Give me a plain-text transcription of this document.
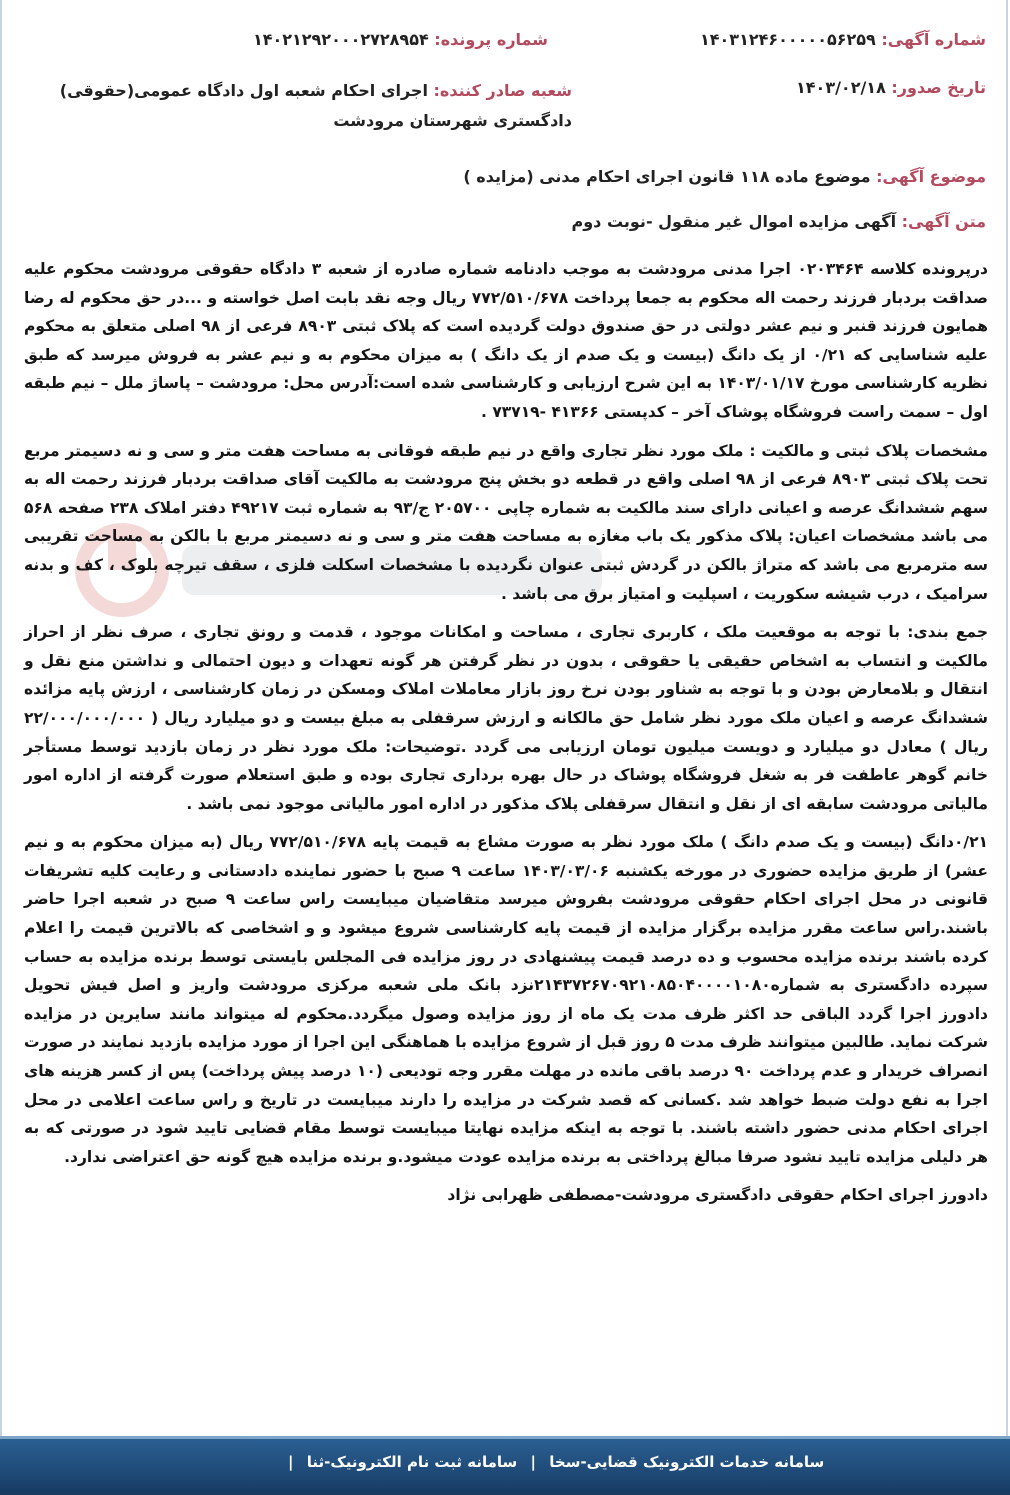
شماره آگهی: ۱۴۰۳۱۲۴۶۰۰۰۰۰۵۶۲۵۹
شماره پرونده: ۱۴۰۲۱۲۹۲۰۰۰۲۷۲۸۹۵۴
تاریخ صدور: ۱۴۰۳/۰۲/۱۸
شعبه صادر کننده: اجرای احکام شعبه اول دادگاه عمومی(حقوقی) دادگستری شهرستان مرودشت
موضوع آگهی: موضوع ماده ۱۱۸ قانون اجرای احکام مدنی (مزایده )
متن آگهی: آگهی مزایده اموال غیر منقول -نوبت دوم

درپرونده کلاسه ۰۲۰۳۴۶۴ اجرا مدنی مرودشت به موجب دادنامه شماره صادره از شعبه ۳ دادگاه حقوقی مرودشت محکوم علیه صداقت بردبار فرزند رحمت اله محکوم به جمعا پرداخت ۷۷۲/۵۱۰/۶۷۸ ریال وجه نقد بابت اصل خواسته و ...در حق محکوم له رضا همایون فرزند قنبر و نیم عشر دولتی در حق صندوق دولت گردیده است که پلاک ثبتی ۸۹۰۳ فرعی از ۹۸ اصلی متعلق به محکوم علیه شناسایی که ۰/۲۱ از یک دانگ (بیست و یک صدم از یک دانگ ) به میزان محکوم به و نیم عشر به فروش میرسد که طبق نظریه کارشناسی مورخ ۱۴۰۳/۰۱/۱۷ به این شرح ارزیابی و کارشناسی شده است:آدرس محل: مرودشت – پاساژ ملل – نیم طبقه اول – سمت راست فروشگاه پوشاک آخر – کدپستی ۴۱۳۶۶ -۷۳۷۱۹ .

مشخصات پلاک ثبتی و مالکیت : ملک مورد نظر تجاری واقع در نیم طبقه فوقانی به مساحت هفت متر و سی و نه دسیمتر مربع تحت پلاک ثبتی ۸۹۰۳ فرعی از ۹۸ اصلی واقع در قطعه دو بخش پنج مرودشت به مالکیت آقای صداقت بردبار فرزند رحمت اله به سهم ششدانگ عرصه و اعیانی دارای سند مالکیت به شماره چاپی ۲۰۵۷۰۰ ج/۹۳ به شماره ثبت ۴۹۲۱۷ دفتر املاک ۲۳۸ صفحه ۵۶۸ می باشد مشخصات اعیان: پلاک مذکور یک باب مغازه به مساحت هفت متر و سی و نه دسیمتر مربع با بالکن به مساحت تقریبی سه مترمربع می باشد که متراژ بالکن در گردش ثبتی عنوان نگردیده با مشخصات اسکلت فلزی ، سقف تیرچه بلوک ، کف و بدنه سرامیک ، درب شیشه سکوریت ، اسپلیت و امتیاز برق می باشد .

جمع بندی: با توجه به موقعیت ملک ، کاربری تجاری ، مساحت و امکانات موجود ، قدمت و رونق تجاری ، صرف نظر از احراز مالکیت و انتساب به اشخاص حقیقی یا حقوقی ، بدون در نظر گرفتن هر گونه تعهدات و دیون احتمالی و نداشتن منع نقل و انتقال و بلامعارض بودن و با توجه به شناور بودن نرخ روز بازار معاملات املاک ومسکن در زمان کارشناسی ، ارزش پایه مزائده ششدانگ عرصه و اعیان ملک مورد نظر شامل حق مالکانه و ارزش سرقفلی به مبلغ بیست و دو میلیارد ریال ( ۲۲/۰۰۰/۰۰۰/۰۰۰ ریال ) معادل دو میلیارد و دویست میلیون تومان ارزیابی می گردد .توضیحات: ملک مورد نظر در زمان بازدید توسط مستأجر خانم گوهر عاطفت فر به شغل فروشگاه پوشاک در حال بهره برداری تجاری بوده و طبق استعلام صورت گرفته از اداره امور مالیاتی مرودشت سابقه ای از نقل و انتقال سرقفلی پلاک مذکور در اداره امور مالیاتی موجود نمی باشد .

۰/۲۱دانگ (بیست و یک صدم دانگ ) ملک مورد نظر به صورت مشاع به قیمت پایه ۷۷۲/۵۱۰/۶۷۸ ریال (به میزان محکوم به و نیم عشر) از طریق مزایده حضوری در مورخه یکشنبه ۱۴۰۳/۰۳/۰۶ ساعت ۹ صبح با حضور نماینده دادستانی و رعایت کلیه تشریفات قانونی در محل اجرای احکام حقوقی مرودشت بفروش میرسد متقاضیان میبایست راس ساعت ۹ صبح در شعبه اجرا حاضر باشند.راس ساعت مقرر مزایده برگزار مزایده از قیمت پایه کارشناسی شروع میشود و و اشخاصی که بالاترین قیمت را اعلام کرده باشند برنده مزایده محسوب و ده درصد قیمت پیشنهادی در روز مزایده فی المجلس بایستی توسط برنده مزایده به حساب سپرده دادگستری به شماره۲۱۴۳۷۲۶۷۰۹۲۱۰۸۵۰۴۰۰۰۰۱۰۸۰نزد بانک ملی شعبه مرکزی مرودشت واریز و اصل فیش تحویل دادورز اجرا گردد الباقی حد اکثر ظرف مدت یک ماه از روز مزایده وصول میگردد.محکوم له میتواند مانند سایرین در مزایده شرکت نماید. طالبین میتوانند ظرف مدت ۵ روز قبل از شروع مزایده با هماهنگی این اجرا از مورد مزایده بازدید نمایند در صورت انصراف خریدار و عدم پرداخت ۹۰ درصد باقی مانده در مهلت مقرر وجه تودیعی (۱۰ درصد پیش پرداخت) پس از کسر هزینه های اجرا به نفع دولت ضبط خواهد شد .کسانی که قصد شرکت در مزایده را دارند میبایست در تاریخ و راس ساعت اعلامی در محل اجرای احکام مدنی حضور داشته باشند. با توجه به اینکه مزایده نهایتا میبایست توسط مقام قضایی تایید شود در صورتی که به هر دلیلی مزایده تایید نشود صرفا مبالغ پرداختی به برنده مزایده عودت میشود.و برنده مزایده هیچ گونه حق اعتراضی ندارد.

دادورز اجرای احکام حقوقی دادگستری مرودشت-مصطفی ظهرابی نژاد

سامانه خدمات الکترونیک قضایی-سخا | سامانه ثبت نام الکترونیک-ثنا |
